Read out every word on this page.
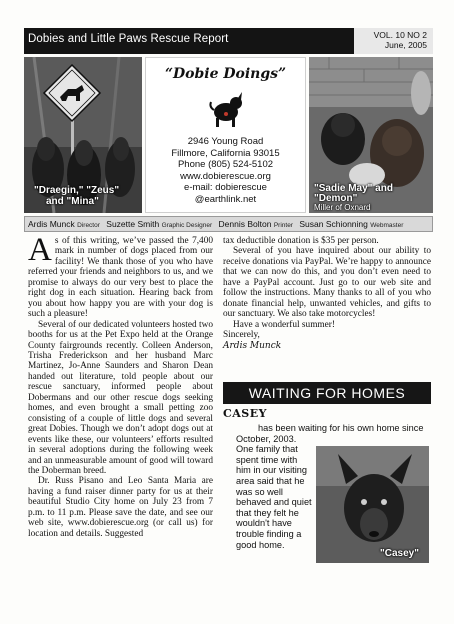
Dobies and Little Paws Rescue Report	VOL. 10 NO 2
June, 2005
"Draegin," "Zeus"
and "Mina"
“Dobie Doings”
2946 Young Road
Fillmore, California 93015
Phone (805) 524-5102
www.dobierescue.org
e-mail: dobierescue
@earthlink.net
"Sadie May" and
"Demon"
Miller of Oxnard
Ardis Munck Director Suzette Smith Graphic Designer Dennis Bolton Printer Susan Schionning Webmaster

As of this writing, we’ve passed the 7,400 mark in number of dogs placed from our facility! We thank those of you who have referred your friends and neighbors to us, and we promise to always do our very best to place the right dog in each situation. Hearing back from you about how happy you are with your dog is such a pleasure!

Several of our dedicated volunteers hosted two booths for us at the Pet Expo held at the Orange County fairgrounds recently. Colleen Anderson, Trisha Frederickson and her husband Marc Martinez, Jo-Anne Saunders and Sharon Dean handed out literature, told people about our rescue sanctuary, informed people about Dobermans and our other rescue dogs seeking homes, and even brought a small petting zoo consisting of a couple of little dogs and several great Dobies. Though we don’t adopt dogs out at events like these, our volunteers’ efforts resulted in several adoptions during the following week and an unmeasurable amount of good will toward the Doberman breed.

Dr. Russ Pisano and Leo Santa Maria are having a fund raiser dinner party for us at their beautiful Studio City home on July 23 from 7 p.m. to 11 p.m. Please save the date, and see our web site, www.dobierescue.org (or call us) for location and details. Suggested

tax deductible donation is $35 per person.

Several of you have inquired about our ability to receive donations via PayPal. We’re happy to announce that we can now do this, and you don’t even need to have a PayPal account. Just go to our web site and follow the instructions. Many thanks to all of you who donate financial help, unwanted vehicles, and gifts to our sanctuary. We also take motorcycles!

Have a wonderful summer!

Sincerely,

Ardis Munck

WAITING FOR HOMES
CASEY
has been waiting for his own home since
October, 2003.
One family that
spent time with
him in our visiting
area said that he
was so well
behaved and quiet
that they felt he
wouldn't have
trouble finding a
good home.
"Casey"
